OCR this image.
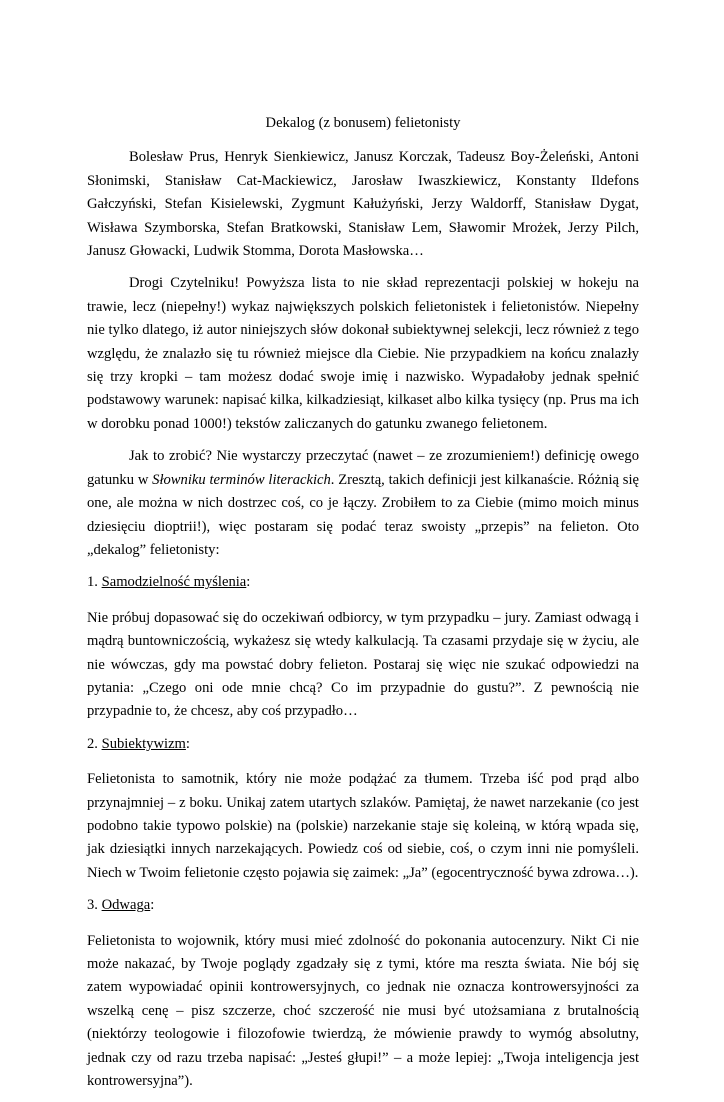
Dekalog (z bonusem) felietonisty

Bolesław Prus, Henryk Sienkiewicz, Janusz Korczak, Tadeusz Boy-Żeleński, Antoni Słonimski, Stanisław Cat-Mackiewicz, Jarosław Iwaszkiewicz, Konstanty Ildefons Gałczyński, Stefan Kisielewski, Zygmunt Kałużyński, Jerzy Waldorff, Stanisław Dygat, Wisława Szymborska, Stefan Bratkowski, Stanisław Lem, Sławomir Mrożek, Jerzy Pilch, Janusz Głowacki, Ludwik Stomma, Dorota Masłowska…

Drogi Czytelniku! Powyższa lista to nie skład reprezentacji polskiej w hokeju na trawie, lecz (niepełny!) wykaz największych polskich felietonistek i felietonistów. Niepełny nie tylko dlatego, iż autor niniejszych słów dokonał subiektywnej selekcji, lecz również z tego względu, że znalazło się tu również miejsce dla Ciebie. Nie przypadkiem na końcu znalazły się trzy kropki – tam możesz dodać swoje imię i nazwisko. Wypadałoby jednak spełnić podstawowy warunek: napisać kilka, kilkadziesiąt, kilkaset albo kilka tysięcy (np. Prus ma ich w dorobku ponad 1000!) tekstów zaliczanych do gatunku zwanego felietonem.

Jak to zrobić? Nie wystarczy przeczytać (nawet – ze zrozumieniem!) definicję owego gatunku w Słowniku terminów literackich. Zresztą, takich definicji jest kilkanaście. Różnią się one, ale można w nich dostrzec coś, co je łączy. Zrobiłem to za Ciebie (mimo moich minus dziesięciu dioptrii!), więc postaram się podać teraz swoisty „przepis” na felieton. Oto „dekalog” felietonisty:

1. Samodzielność myślenia:

Nie próbuj dopasować się do oczekiwań odbiorcy, w tym przypadku – jury. Zamiast odwagą i mądrą buntowniczością, wykażesz się wtedy kalkulacją. Ta czasami przydaje się w życiu, ale nie wówczas, gdy ma powstać dobry felieton. Postaraj się więc nie szukać odpowiedzi na pytania: „Czego oni ode mnie chcą? Co im przypadnie do gustu?”. Z pewnością nie przypadnie to, że chcesz, aby coś przypadło…

2. Subiektywizm:

Felietonista to samotnik, który nie może podążać za tłumem. Trzeba iść pod prąd albo przynajmniej – z boku. Unikaj zatem utartych szlaków. Pamiętaj, że nawet narzekanie (co jest podobno takie typowo polskie) na (polskie) narzekanie staje się koleiną, w którą wpada się, jak dziesiątki innych narzekających. Powiedz coś od siebie, coś, o czym inni nie pomyśleli. Niech w Twoim felietonie często pojawia się zaimek: „Ja” (egocentryczność bywa zdrowa…).

3. Odwaga:

Felietonista to wojownik, który musi mieć zdolność do pokonania autocenzury. Nikt Ci nie może nakazać, by Twoje poglądy zgadzały się z tymi, które ma reszta świata. Nie bój się zatem wypowiadać opinii kontrowersyjnych, co jednak nie oznacza kontrowersyjności za wszelką cenę – pisz szczerze, choć szczerość nie musi być utożsamiana z brutalnością (niektórzy teologowie i filozofowie twierdzą, że mówienie prawdy to wymóg absolutny, jednak czy od razu trzeba napisać: „Jesteś głupi!” – a może lepiej: „Twoja inteligencja jest kontrowersyjna”).
